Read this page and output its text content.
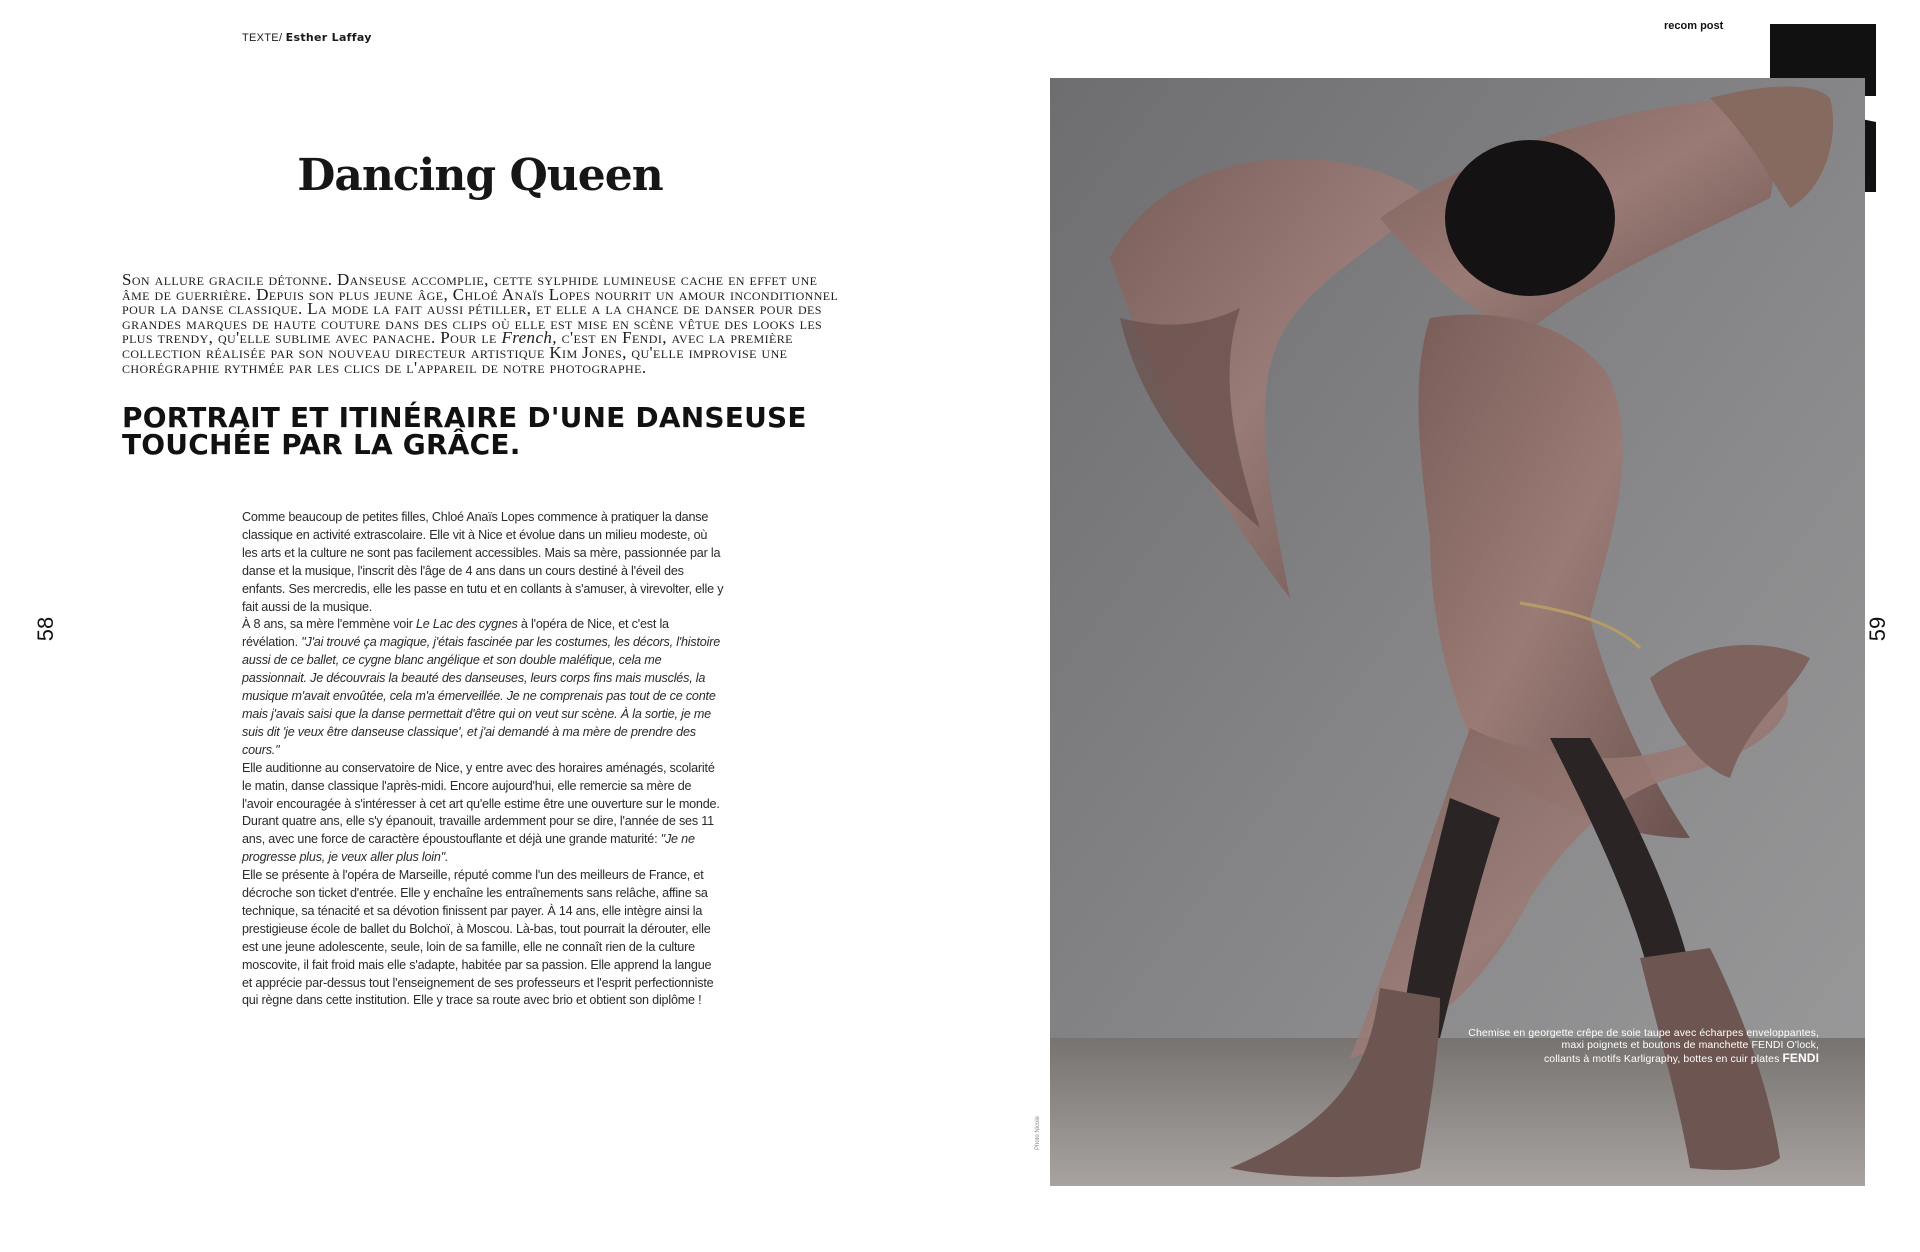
TEXTE/ Esther Laffay
Dancing Queen

Son allure gracile détonne. Danseuse accomplie, cette sylphide lumineuse cache en effet une âme de guerrière. Depuis son plus jeune âge, Chloé Anaïs Lopes nourrit un amour inconditionnel pour la danse classique. La mode la fait aussi pétiller, et elle a la chance de danser pour des grandes marques de haute couture dans des clips où elle est mise en scène vêtue des looks les plus trendy, qu'elle sublime avec panache. Pour le French, c'est en Fendi, avec la première collection réalisée par son nouveau directeur artistique Kim Jones, qu'elle improvise une chorégraphie rythmée par les clics de l'appareil de notre photographe.

PORTRAIT ET ITINÉRAIRE D'UNE DANSEUSE TOUCHÉE PAR LA GRÂCE.

Comme beaucoup de petites filles, Chloé Anaïs Lopes commence à pratiquer la danse classique en activité extrascolaire. Elle vit à Nice et évolue dans un milieu modeste, où les arts et la culture ne sont pas facilement accessibles. Mais sa mère, passionnée par la danse et la musique, l'inscrit dès l'âge de 4 ans dans un cours destiné à l'éveil des enfants. Ses mercredis, elle les passe en tutu et en collants à s'amuser, à virevolter, elle y fait aussi de la musique.

À 8 ans, sa mère l'emmène voir Le Lac des cygnes à l'opéra de Nice, et c'est la révélation. "J'ai trouvé ça magique, j'étais fascinée par les costumes, les décors, l'histoire aussi de ce ballet, ce cygne blanc angélique et son double maléfique, cela me passionnait. Je découvrais la beauté des danseuses, leurs corps fins mais musclés, la musique m'avait envoûtée, cela m'a émerveillée. Je ne comprenais pas tout de ce conte mais j'avais saisi que la danse permettait d'être qui on veut sur scène. À la sortie, je me suis dit 'je veux être danseuse classique', et j'ai demandé à ma mère de prendre des cours."

Elle auditionne au conservatoire de Nice, y entre avec des horaires aménagés, scolarité le matin, danse classique l'après-midi. Encore aujourd'hui, elle remercie sa mère de l'avoir encouragée à s'intéresser à cet art qu'elle estime être une ouverture sur le monde. Durant quatre ans, elle s'y épanouit, travaille ardemment pour se dire, l'année de ses 11 ans, avec une force de caractère époustouflante et déjà une grande maturité: "Je ne progresse plus, je veux aller plus loin".

Elle se présente à l'opéra de Marseille, réputé comme l'un des meilleurs de France, et décroche son ticket d'entrée. Elle y enchaîne les entraînements sans relâche, affine sa technique, sa ténacité et sa dévotion finissent par payer. À 14 ans, elle intègre ainsi la prestigieuse école de ballet du Bolchoï, à Moscou. Là-bas, tout pourrait la dérouter, elle est une jeune adolescente, seule, loin de sa famille, elle ne connaît rien de la culture moscovite, il fait froid mais elle s'adapte, habitée par sa passion. Elle apprend la langue et apprécie par-dessus tout l'enseignement de ses professeurs et l'esprit perfectionniste qui règne dans cette institution. Elle y trace sa route avec brio et obtient son diplôme !

58	59
recom post
Chemise en georgette crêpe de soie taupe avec écharpes enveloppantes,
maxi poignets et boutons de manchette FENDI O'lock,
collants à motifs Karligraphy, bottes en cuir plates FENDI
Photo Nicole
